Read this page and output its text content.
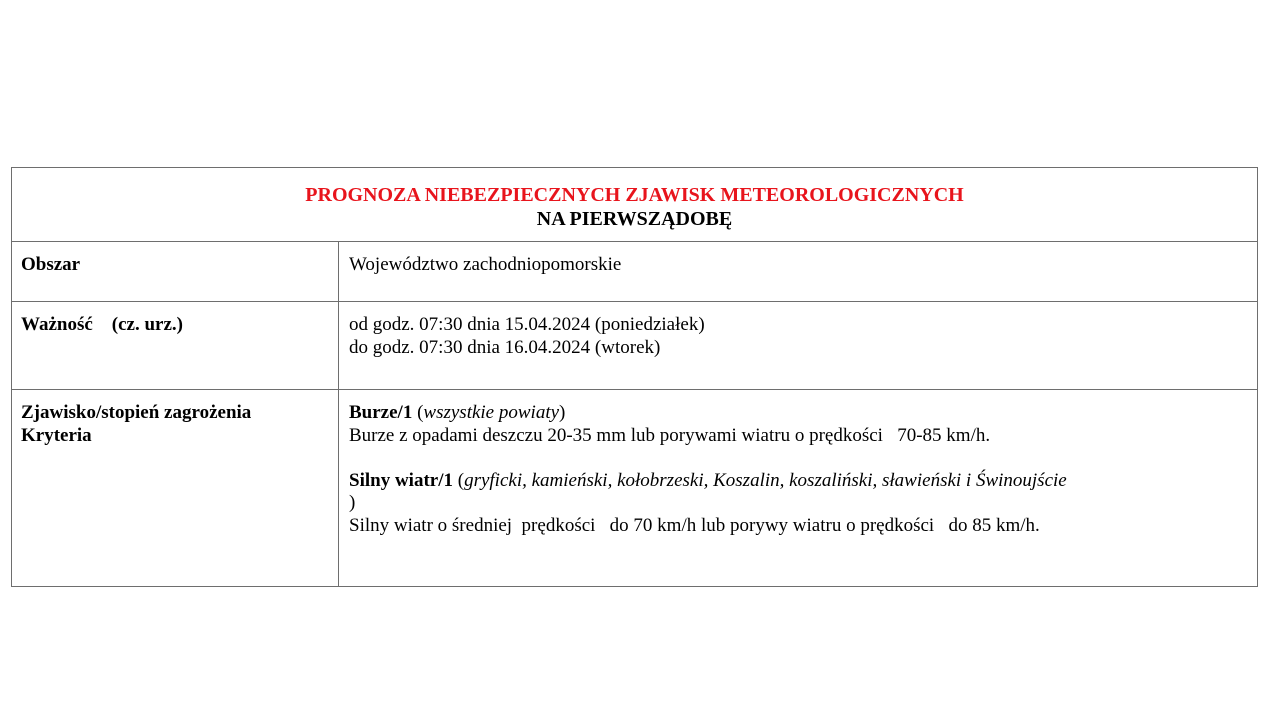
PROGNOZA NIEBEZPIECZNYCH ZJAWISK METEOROLOGICZNYCH
NA PIERWSZĄDOBĘ	

Obszar	Województwo zachodniopomorskie

Ważność    (cz. urz.)	od godz. 07:30 dnia 15.04.2024 (poniedziałek)
do godz. 07:30 dnia 16.04.2024 (wtorek)

Zjawisko/stopień zagrożenia
Kryteria	Burze/1 (wszystkie powiaty)
Burze z opadami deszczu 20-35 mm lub porywami wiatru o prędkości   70-85 km/h.
Silny wiatr/1 (gryficki, kamieński, kołobrzeski, Koszalin, koszaliński, sławieński i Świnoujście
)
Silny wiatr o średniej  prędkości   do 70 km/h lub porywy wiatru o prędkości   do 85 km/h.
